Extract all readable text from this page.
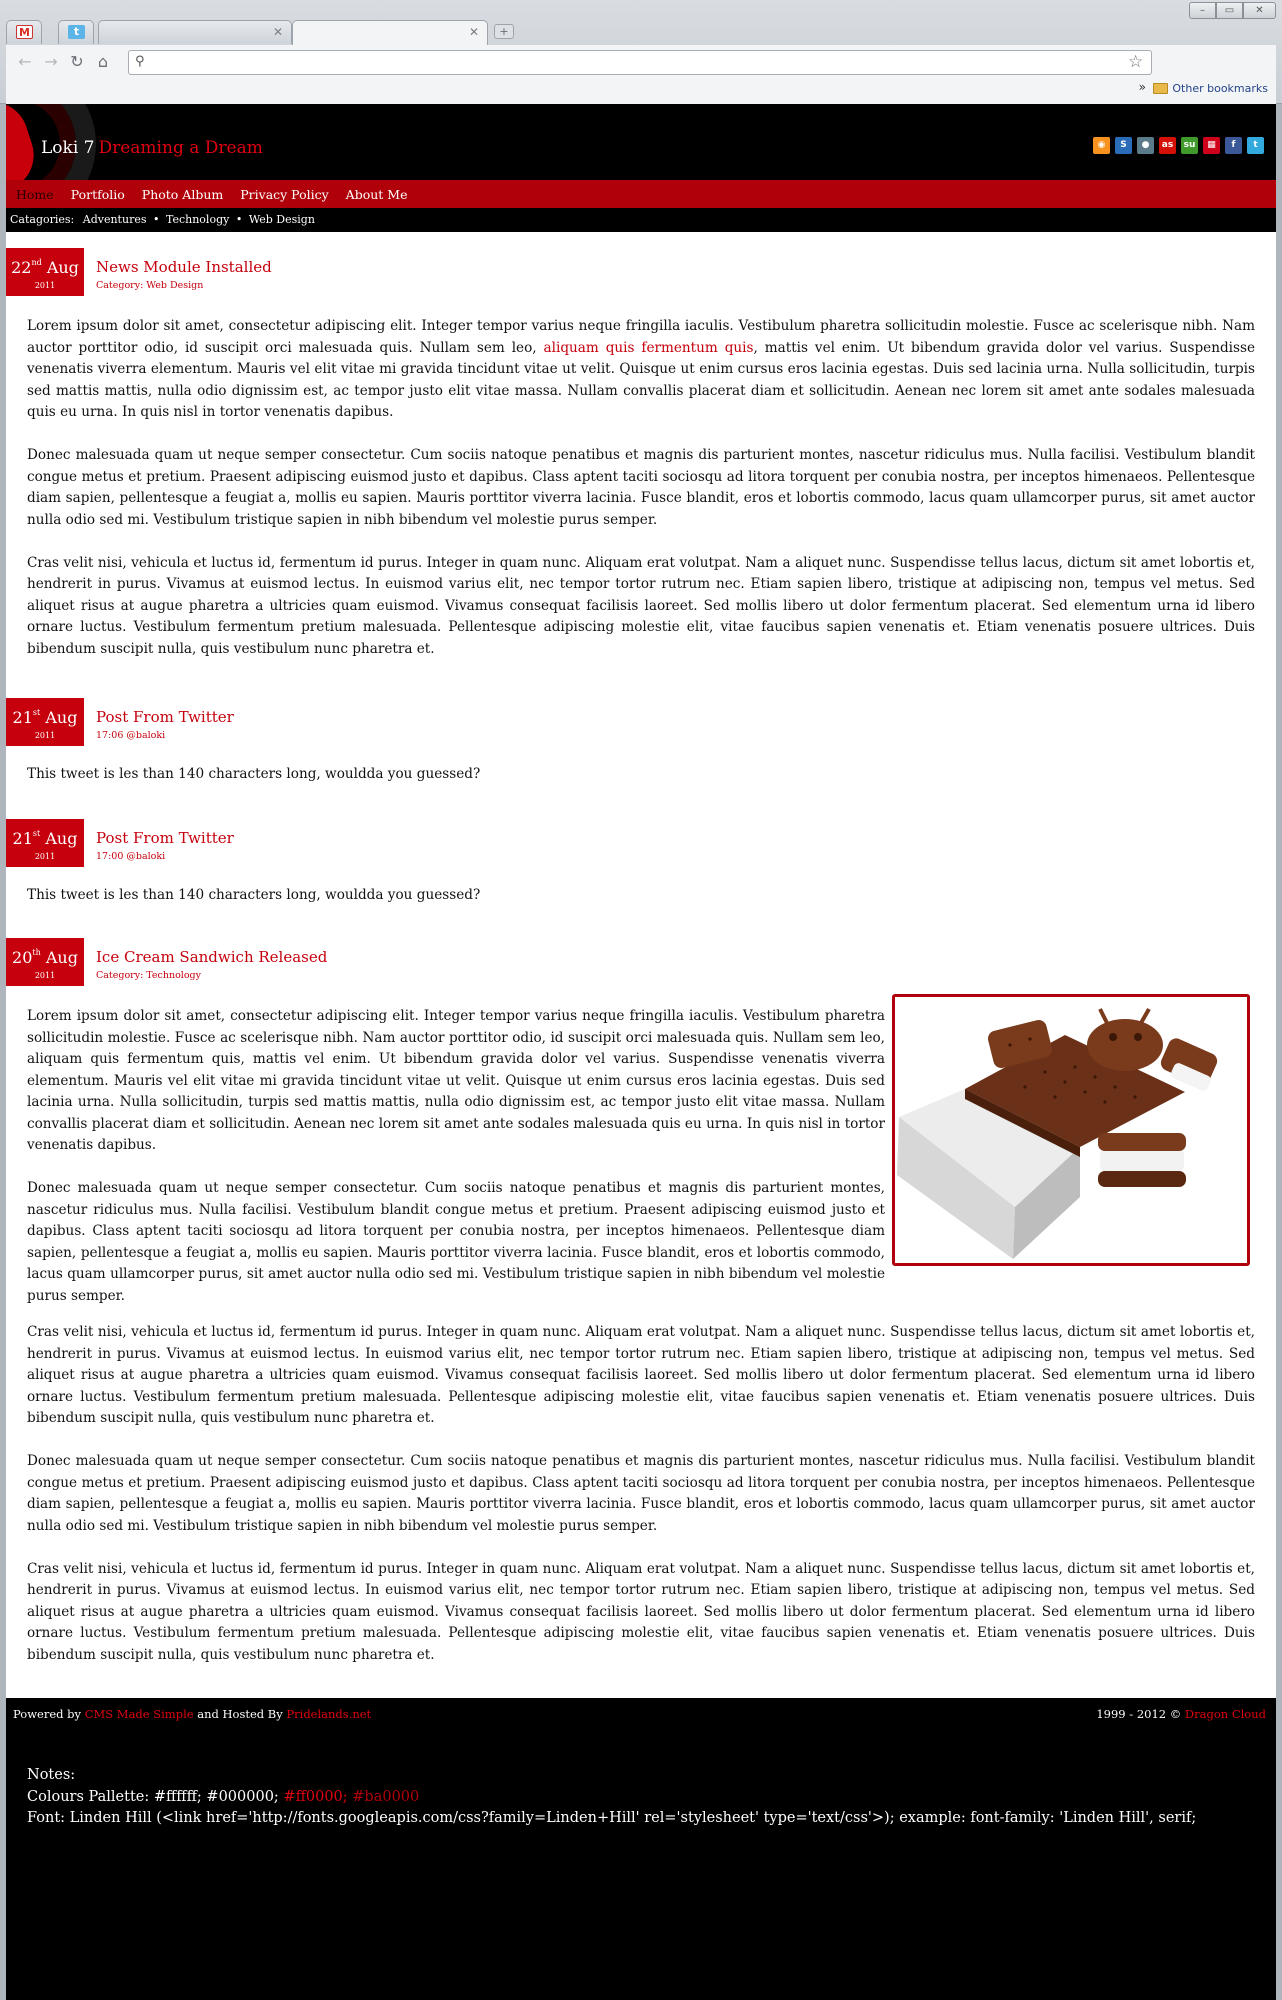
M	t	✕	✕	+
–	▭	✕
← → ↻ ⌂	⚲	☆
» Other bookmarks
Loki 7 Dreaming a Dream	◉	S	●	as	su	▦	f	t
Home Portfolio Photo Album Privacy Policy About Me
Catagories: Adventures • Technology • Web Design
22nd Aug
2011
News Module Installed
Category: Web Design

Lorem ipsum dolor sit amet, consectetur adipiscing elit. Integer tempor varius neque fringilla iaculis. Vestibulum pharetra sollicitudin molestie. Fusce ac scelerisque nibh. Nam auctor porttitor odio, id suscipit orci malesuada quis. Nullam sem leo, aliquam quis fermentum quis, mattis vel enim. Ut bibendum gravida dolor vel varius. Suspendisse venenatis viverra elementum. Mauris vel elit vitae mi gravida tincidunt vitae ut velit. Quisque ut enim cursus eros lacinia egestas. Duis sed lacinia urna. Nulla sollicitudin, turpis sed mattis mattis, nulla odio dignissim est, ac tempor justo elit vitae massa. Nullam convallis placerat diam et sollicitudin. Aenean nec lorem sit amet ante sodales malesuada quis eu urna. In quis nisl in tortor venenatis dapibus.

Donec malesuada quam ut neque semper consectetur. Cum sociis natoque penatibus et magnis dis parturient montes, nascetur ridiculus mus. Nulla facilisi. Vestibulum blandit congue metus et pretium. Praesent adipiscing euismod justo et dapibus. Class aptent taciti sociosqu ad litora torquent per conubia nostra, per inceptos himenaeos. Pellentesque diam sapien, pellentesque a feugiat a, mollis eu sapien. Mauris porttitor viverra lacinia. Fusce blandit, eros et lobortis commodo, lacus quam ullamcorper purus, sit amet auctor nulla odio sed mi. Vestibulum tristique sapien in nibh bibendum vel molestie purus semper.

Cras velit nisi, vehicula et luctus id, fermentum id purus. Integer in quam nunc. Aliquam erat volutpat. Nam a aliquet nunc. Suspendisse tellus lacus, dictum sit amet lobortis et, hendrerit in purus. Vivamus at euismod lectus. In euismod varius elit, nec tempor tortor rutrum nec. Etiam sapien libero, tristique at adipiscing non, tempus vel metus. Sed aliquet risus at augue pharetra a ultricies quam euismod. Vivamus consequat facilisis laoreet. Sed mollis libero ut dolor fermentum placerat. Sed elementum urna id libero ornare luctus. Vestibulum fermentum pretium malesuada. Pellentesque adipiscing molestie elit, vitae faucibus sapien venenatis et. Etiam venenatis posuere ultrices. Duis bibendum suscipit nulla, quis vestibulum nunc pharetra et.

21st Aug
2011
Post From Twitter
17:06 @baloki
This tweet is les than 140 characters long, wouldda you guessed?
21st Aug
2011
Post From Twitter
17:00 @baloki
This tweet is les than 140 characters long, wouldda you guessed?
20th Aug
2011
Ice Cream Sandwich Released
Category: Technology

Lorem ipsum dolor sit amet, consectetur adipiscing elit. Integer tempor varius neque fringilla iaculis. Vestibulum pharetra sollicitudin molestie. Fusce ac scelerisque nibh. Nam auctor porttitor odio, id suscipit orci malesuada quis. Nullam sem leo, aliquam quis fermentum quis, mattis vel enim. Ut bibendum gravida dolor vel varius. Suspendisse venenatis viverra elementum. Mauris vel elit vitae mi gravida tincidunt vitae ut velit. Quisque ut enim cursus eros lacinia egestas. Duis sed lacinia urna. Nulla sollicitudin, turpis sed mattis mattis, nulla odio dignissim est, ac tempor justo elit vitae massa. Nullam convallis placerat diam et sollicitudin. Aenean nec lorem sit amet ante sodales malesuada quis eu urna. In quis nisl in tortor venenatis dapibus.

Donec malesuada quam ut neque semper consectetur. Cum sociis natoque penatibus et magnis dis parturient montes, nascetur ridiculus mus. Nulla facilisi. Vestibulum blandit congue metus et pretium. Praesent adipiscing euismod justo et dapibus. Class aptent taciti sociosqu ad litora torquent per conubia nostra, per inceptos himenaeos. Pellentesque diam sapien, pellentesque a feugiat a, mollis eu sapien. Mauris porttitor viverra lacinia. Fusce blandit, eros et lobortis commodo, lacus quam ullamcorper purus, sit amet auctor nulla odio sed mi. Vestibulum tristique sapien in nibh bibendum vel molestie purus semper.

Cras velit nisi, vehicula et luctus id, fermentum id purus. Integer in quam nunc. Aliquam erat volutpat. Nam a aliquet nunc. Suspendisse tellus lacus, dictum sit amet lobortis et, hendrerit in purus. Vivamus at euismod lectus. In euismod varius elit, nec tempor tortor rutrum nec. Etiam sapien libero, tristique at adipiscing non, tempus vel metus. Sed aliquet risus at augue pharetra a ultricies quam euismod. Vivamus consequat facilisis laoreet. Sed mollis libero ut dolor fermentum placerat. Sed elementum urna id libero ornare luctus. Vestibulum fermentum pretium malesuada. Pellentesque adipiscing molestie elit, vitae faucibus sapien venenatis et. Etiam venenatis posuere ultrices. Duis bibendum suscipit nulla, quis vestibulum nunc pharetra et.

Donec malesuada quam ut neque semper consectetur. Cum sociis natoque penatibus et magnis dis parturient montes, nascetur ridiculus mus. Nulla facilisi. Vestibulum blandit congue metus et pretium. Praesent adipiscing euismod justo et dapibus. Class aptent taciti sociosqu ad litora torquent per conubia nostra, per inceptos himenaeos. Pellentesque diam sapien, pellentesque a feugiat a, mollis eu sapien. Mauris porttitor viverra lacinia. Fusce blandit, eros et lobortis commodo, lacus quam ullamcorper purus, sit amet auctor nulla odio sed mi. Vestibulum tristique sapien in nibh bibendum vel molestie purus semper.

Cras velit nisi, vehicula et luctus id, fermentum id purus. Integer in quam nunc. Aliquam erat volutpat. Nam a aliquet nunc. Suspendisse tellus lacus, dictum sit amet lobortis et, hendrerit in purus. Vivamus at euismod lectus. In euismod varius elit, nec tempor tortor rutrum nec. Etiam sapien libero, tristique at adipiscing non, tempus vel metus. Sed aliquet risus at augue pharetra a ultricies quam euismod. Vivamus consequat facilisis laoreet. Sed mollis libero ut dolor fermentum placerat. Sed elementum urna id libero ornare luctus. Vestibulum fermentum pretium malesuada. Pellentesque adipiscing molestie elit, vitae faucibus sapien venenatis et. Etiam venenatis posuere ultrices. Duis bibendum suscipit nulla, quis vestibulum nunc pharetra et.

Powered by CMS Made Simple and Hosted By Pridelands.net	1999 - 2012 © Dragon Cloud
Notes:
Colours Pallette: #ffffff; #000000; #ff0000; #ba0000
Font: Linden Hill (<link href='http://fonts.googleapis.com/css?family=Linden+Hill' rel='stylesheet' type='text/css'>); example: font-family: 'Linden Hill', serif;
